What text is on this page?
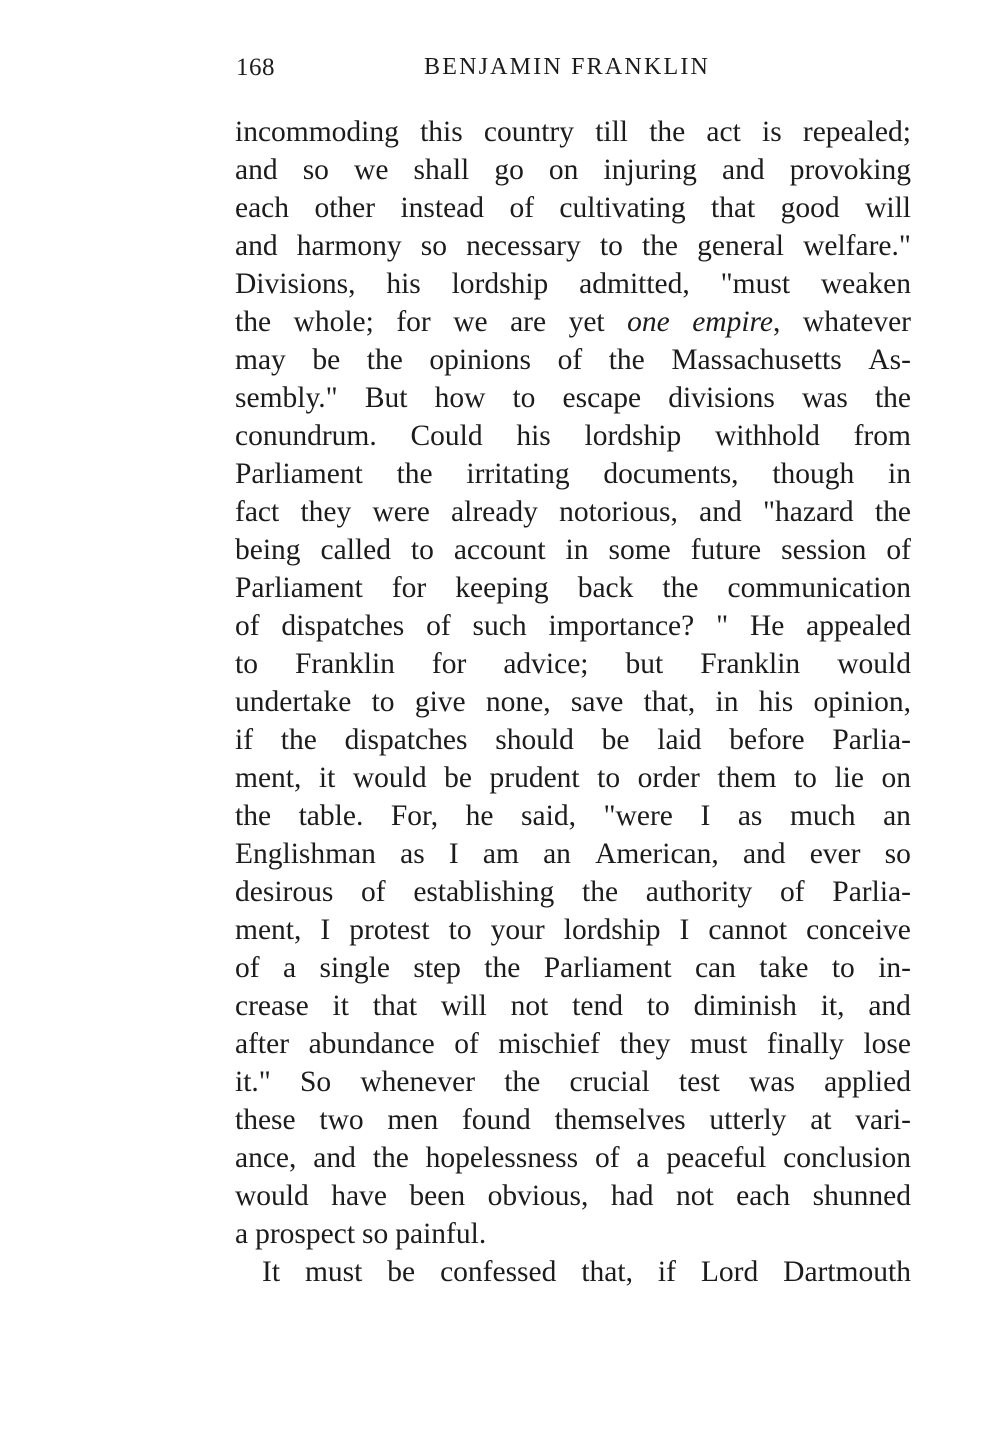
168	BENJAMIN FRANKLIN
incommoding this country till the act is repealed;
and so we shall go on injuring and provoking
each other instead of cultivating that good will
and harmony so necessary to the general welfare."
Divisions, his lordship admitted, "must weaken
the whole; for we are yet one empire, whatever
may be the opinions of the Massachusetts As-
sembly." But how to escape divisions was the
conundrum. Could his lordship withhold from
Parliament the irritating documents, though in
fact they were already notorious, and "hazard the
being called to account in some future session of
Parliament for keeping back the communication
of dispatches of such importance? " He appealed
to Franklin for advice; but Franklin would
undertake to give none, save that, in his opinion,
if the dispatches should be laid before Parlia-
ment, it would be prudent to order them to lie on
the table. For, he said, "were I as much an
Englishman as I am an American, and ever so
desirous of establishing the authority of Parlia-
ment, I protest to your lordship I cannot conceive
of a single step the Parliament can take to in-
crease it that will not tend to diminish it, and
after abundance of mischief they must finally lose
it." So whenever the crucial test was applied
these two men found themselves utterly at vari-
ance, and the hopelessness of a peaceful conclusion
would have been obvious, had not each shunned
a prospect so painful.
It must be confessed that, if Lord Dartmouth
